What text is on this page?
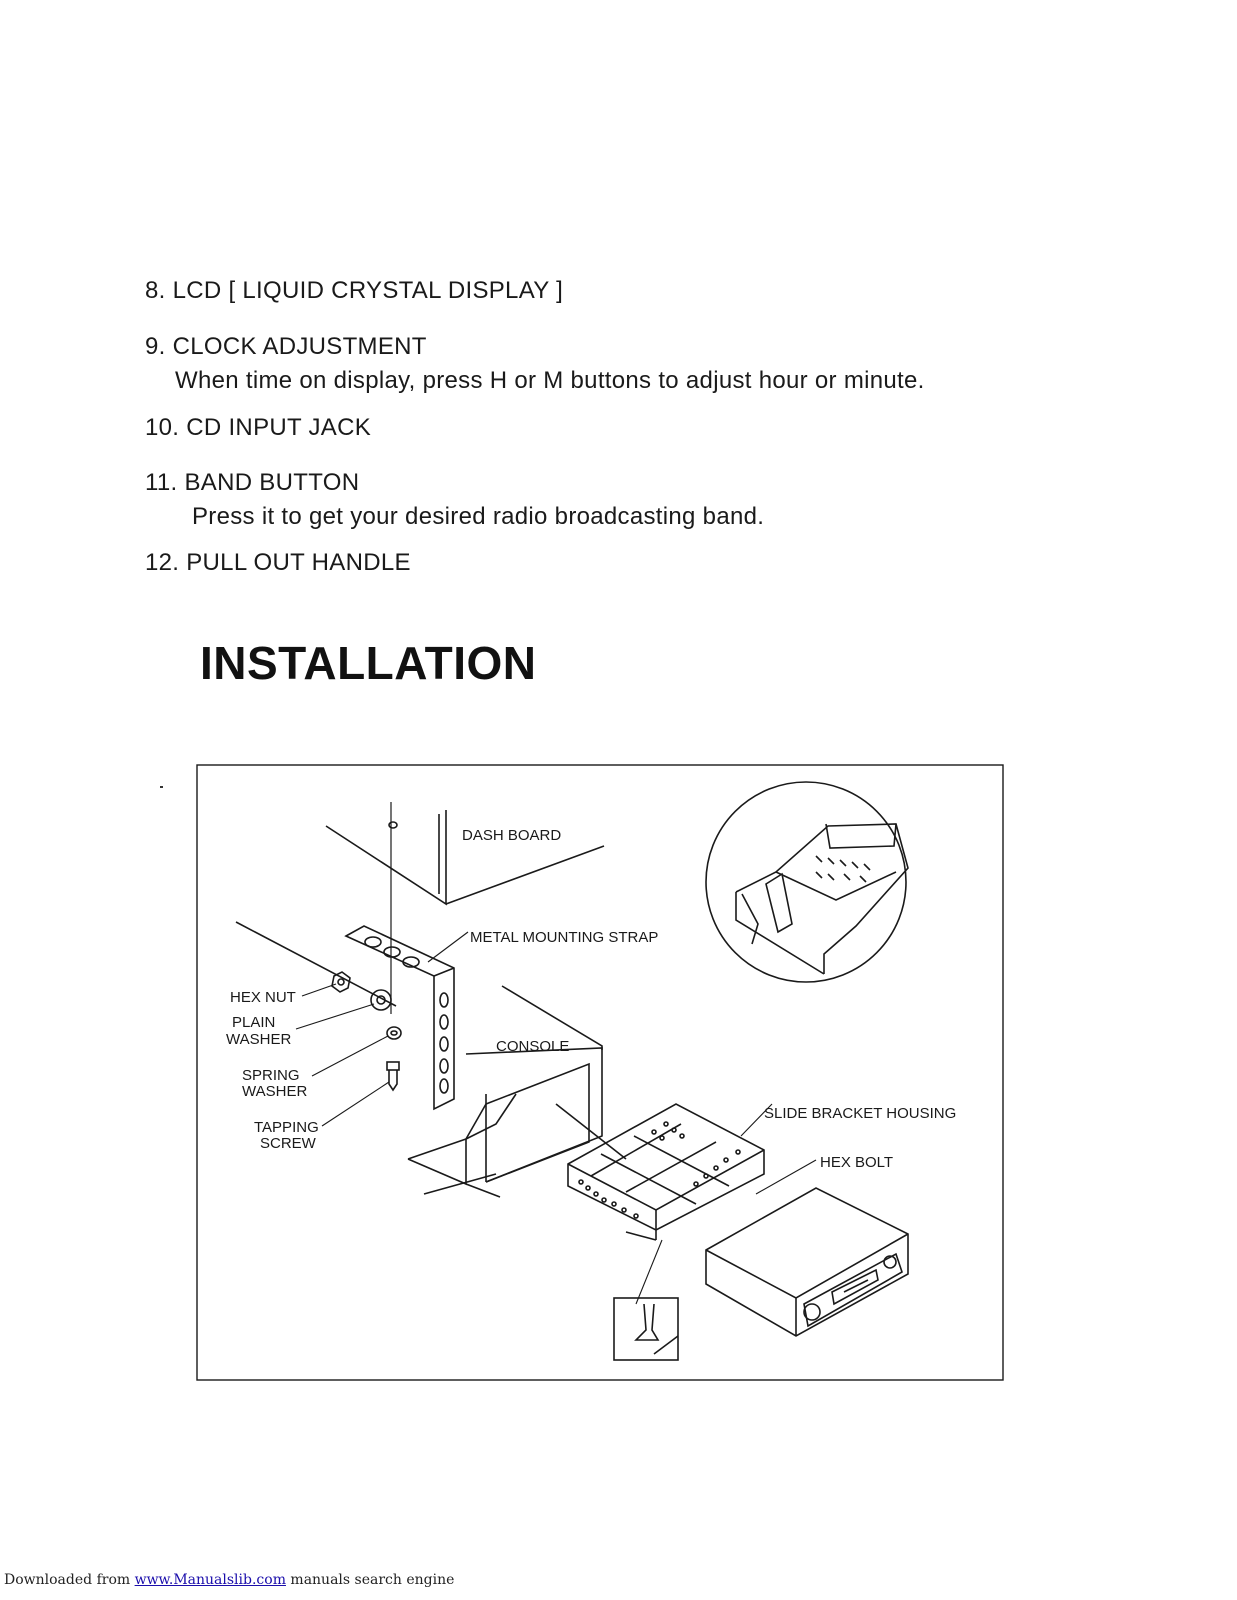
8. LCD [ LIQUID CRYSTAL DISPLAY ]
9. CLOCK ADJUSTMENT
When time on display, press H or M buttons to adjust hour or minute.
10. CD INPUT JACK
11. BAND BUTTON
Press it to get your desired radio broadcasting band.
12. PULL OUT HANDLE
INSTALLATION
DASH BOARD
METAL MOUNTING STRAP
HEX NUT
PLAIN
WASHER	CONSOLE
SPRING
WASHER
TAPPING
SCREW
SLIDE BRACKET HOUSING
HEX BOLT
Downloaded from www.Manualslib.com manuals search engine
